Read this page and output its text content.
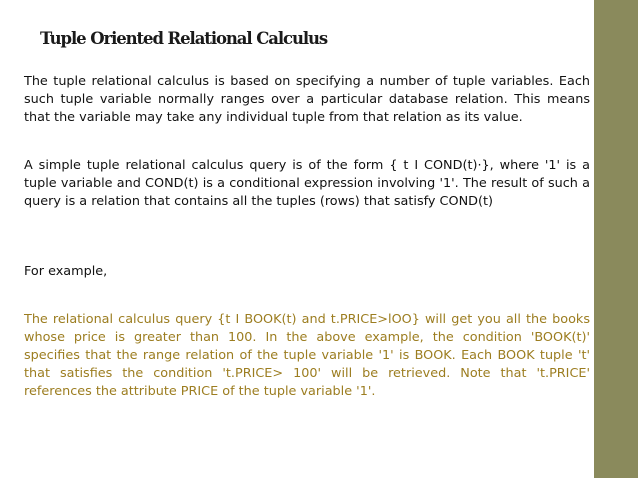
Tuple Oriented Relational Calculus

The tuple relational calculus is based on specifying a number of tuple variables. Each such tuple variable normally ranges over a particular database relation. This means that the variable may take any individual tuple from that relation as its value.

A simple tuple relational calculus query is of the form { t I COND(t)·}, where '1' is a tuple variable and COND(t) is a conditional expression involving '1'. The result of such a query is a relation that contains all the tuples (rows) that satisfy COND(t)

For example,

The relational calculus query {t I BOOK(t) and t.PRICE>lOO} will get you all the books whose price is greater than 100. In the above example, the condition 'BOOK(t)' specifies that the range relation of the tuple variable '1' is BOOK. Each BOOK tuple 't' that satisfies the condition 't.PRICE> 100' will be retrieved. Note that 't.PRICE' references the attribute PRICE of the tuple variable '1'.
